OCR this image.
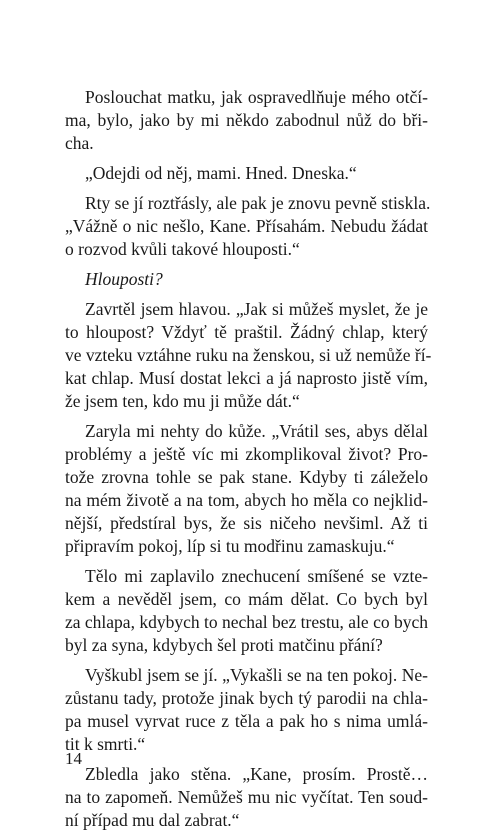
Poslouchat matku, jak ospravedlňuje mého otčí-
ma, bylo, jako by mi někdo zabodnul nůž do bři-
cha.
„Odejdi od něj, mami. Hned. Dneska.“
Rty se jí roztřásly, ale pak je znovu pevně stiskla.
„Vážně o nic nešlo, Kane. Přísahám. Nebudu žádat
o rozvod kvůli takové hlouposti.“
Hlouposti?
Zavrtěl jsem hlavou. „Jak si můžeš myslet, že je
to hloupost? Vždyť tě praštil. Žádný chlap, který
ve vzteku vztáhne ruku na ženskou, si už nemůže ří-
kat chlap. Musí dostat lekci a já naprosto jistě vím,
že jsem ten, kdo mu ji může dát.“
Zaryla mi nehty do kůže. „Vrátil ses, abys dělal
problémy a ještě víc mi zkomplikoval život? Pro-
tože zrovna tohle se pak stane. Kdyby ti záleželo
na mém životě a na tom, abych ho měla co nejklid-
nější, předstíral bys, že sis ničeho nevšiml. Až ti
připravím pokoj, líp si tu modřinu zamaskuju.“
Tělo mi zaplavilo znechucení smíšené se vzte-
kem a nevěděl jsem, co mám dělat. Co bych byl
za chlapa, kdybych to nechal bez trestu, ale co bych
byl za syna, kdybych šel proti matčinu přání?
Vyškubl jsem se jí. „Vykašli se na ten pokoj. Ne-
zůstanu tady, protože jinak bych tý parodii na chla-
pa musel vyrvat ruce z těla a pak ho s nima umlá-
tit k smrti.“
Zbledla jako stěna. „Kane, prosím. Prostě…
na to zapomeň. Nemůžeš mu nic vyčítat. Ten soud-
ní případ mu dal zabrat.“
14
